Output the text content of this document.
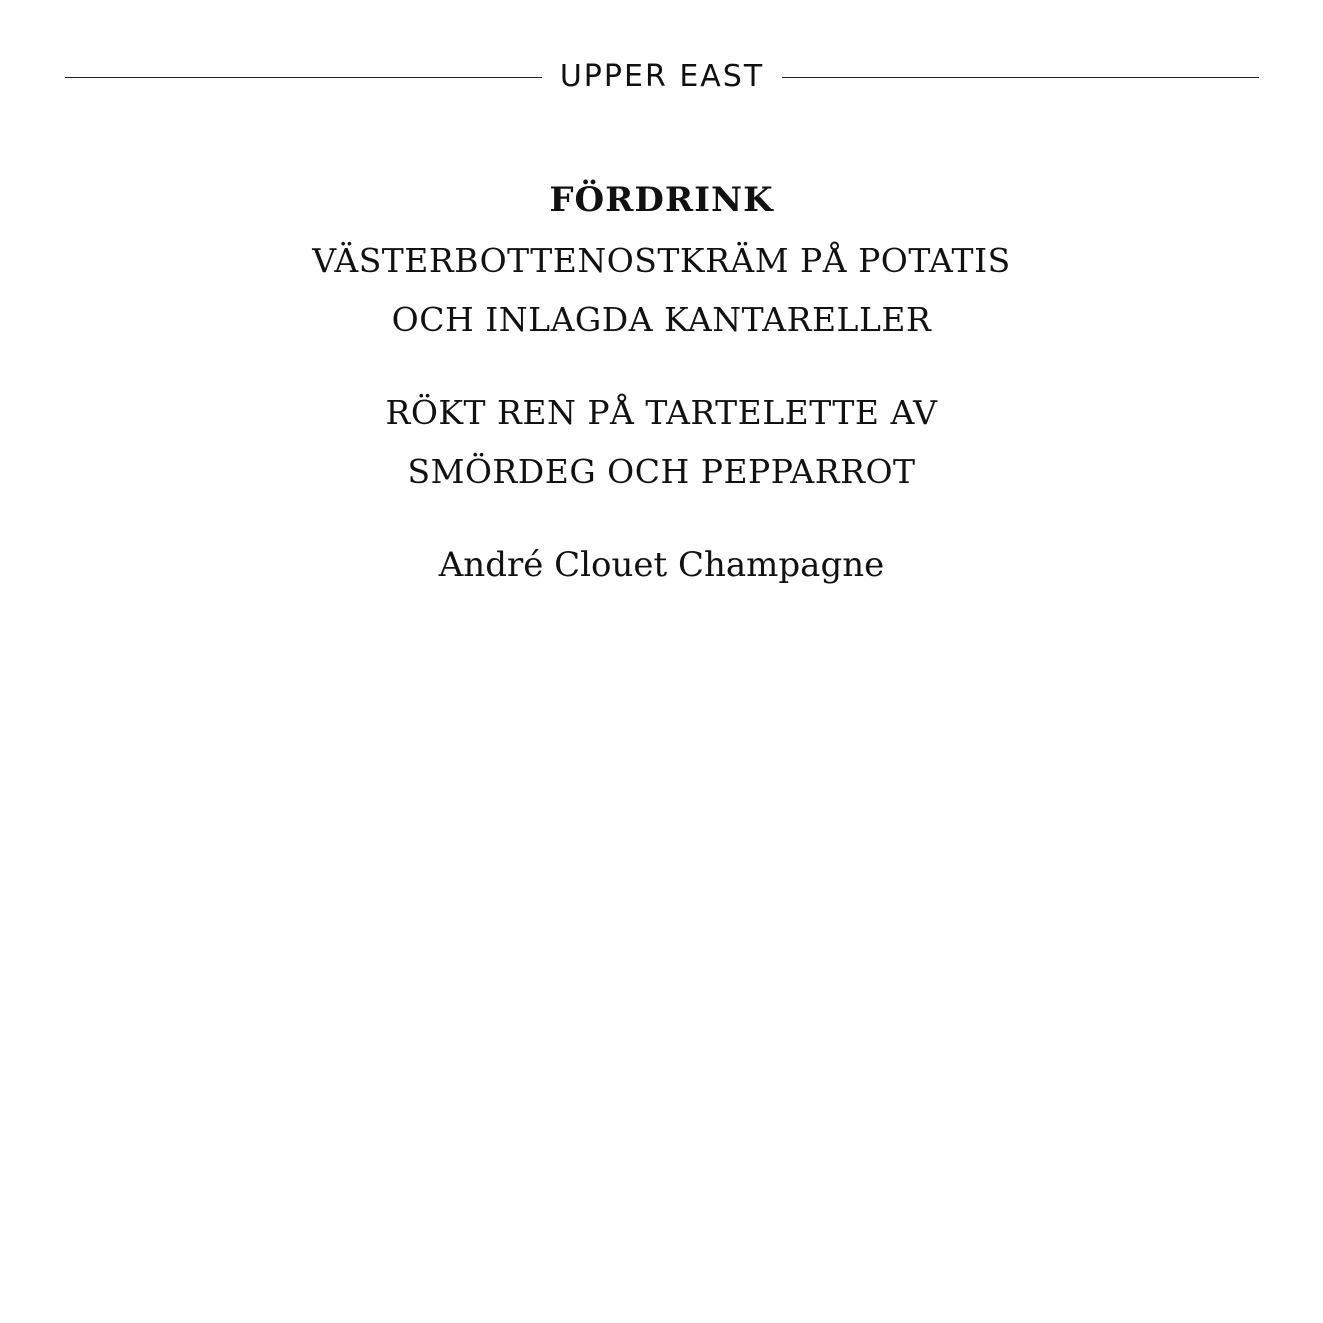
UPPER EAST
FÖRDRINK
VÄSTERBOTTENOSTKRÄM PÅ POTATIS
OCH INLAGDA KANTARELLER
RÖKT REN PÅ TARTELETTE AV
SMÖRDEG OCH PEPPARROT

André Clouet Champagne
